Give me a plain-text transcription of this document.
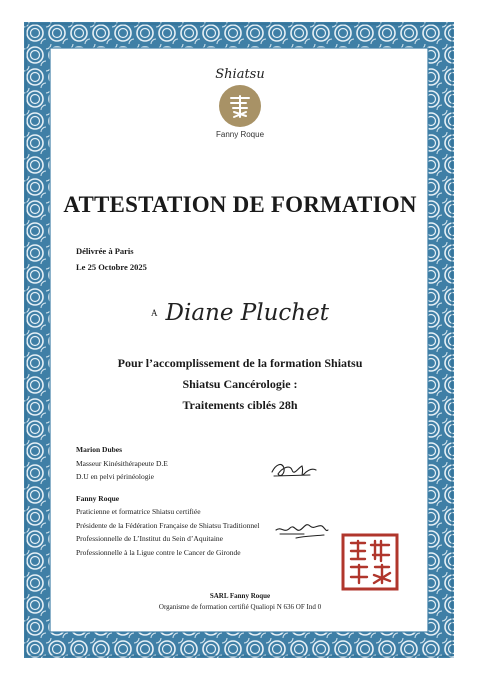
Shiatsu
Fanny Roque
ATTESTATION DE FORMATION
Délivrée à Paris
Le 25 Octobre 2025
A Diane Pluchet
Pour l’accomplissement de la formation Shiatsu
Shiatsu Cancérologie :
Traitements ciblés 28h
Marion Dubes
Masseur Kinésithérapeute D.E
D.U en pelvi périnéologie
Fanny Roque
Praticienne et formatrice Shiatsu certifiée
Présidente de la Fédération Française de Shiatsu Traditionnel
Professionnelle de L’Institut du Sein d’Aquitaine
Professionnelle à la Ligue contre le Cancer de Gironde
SARL Fanny Roque
Organisme de formation certifié Qualiopi N 636 OF Ind 0
